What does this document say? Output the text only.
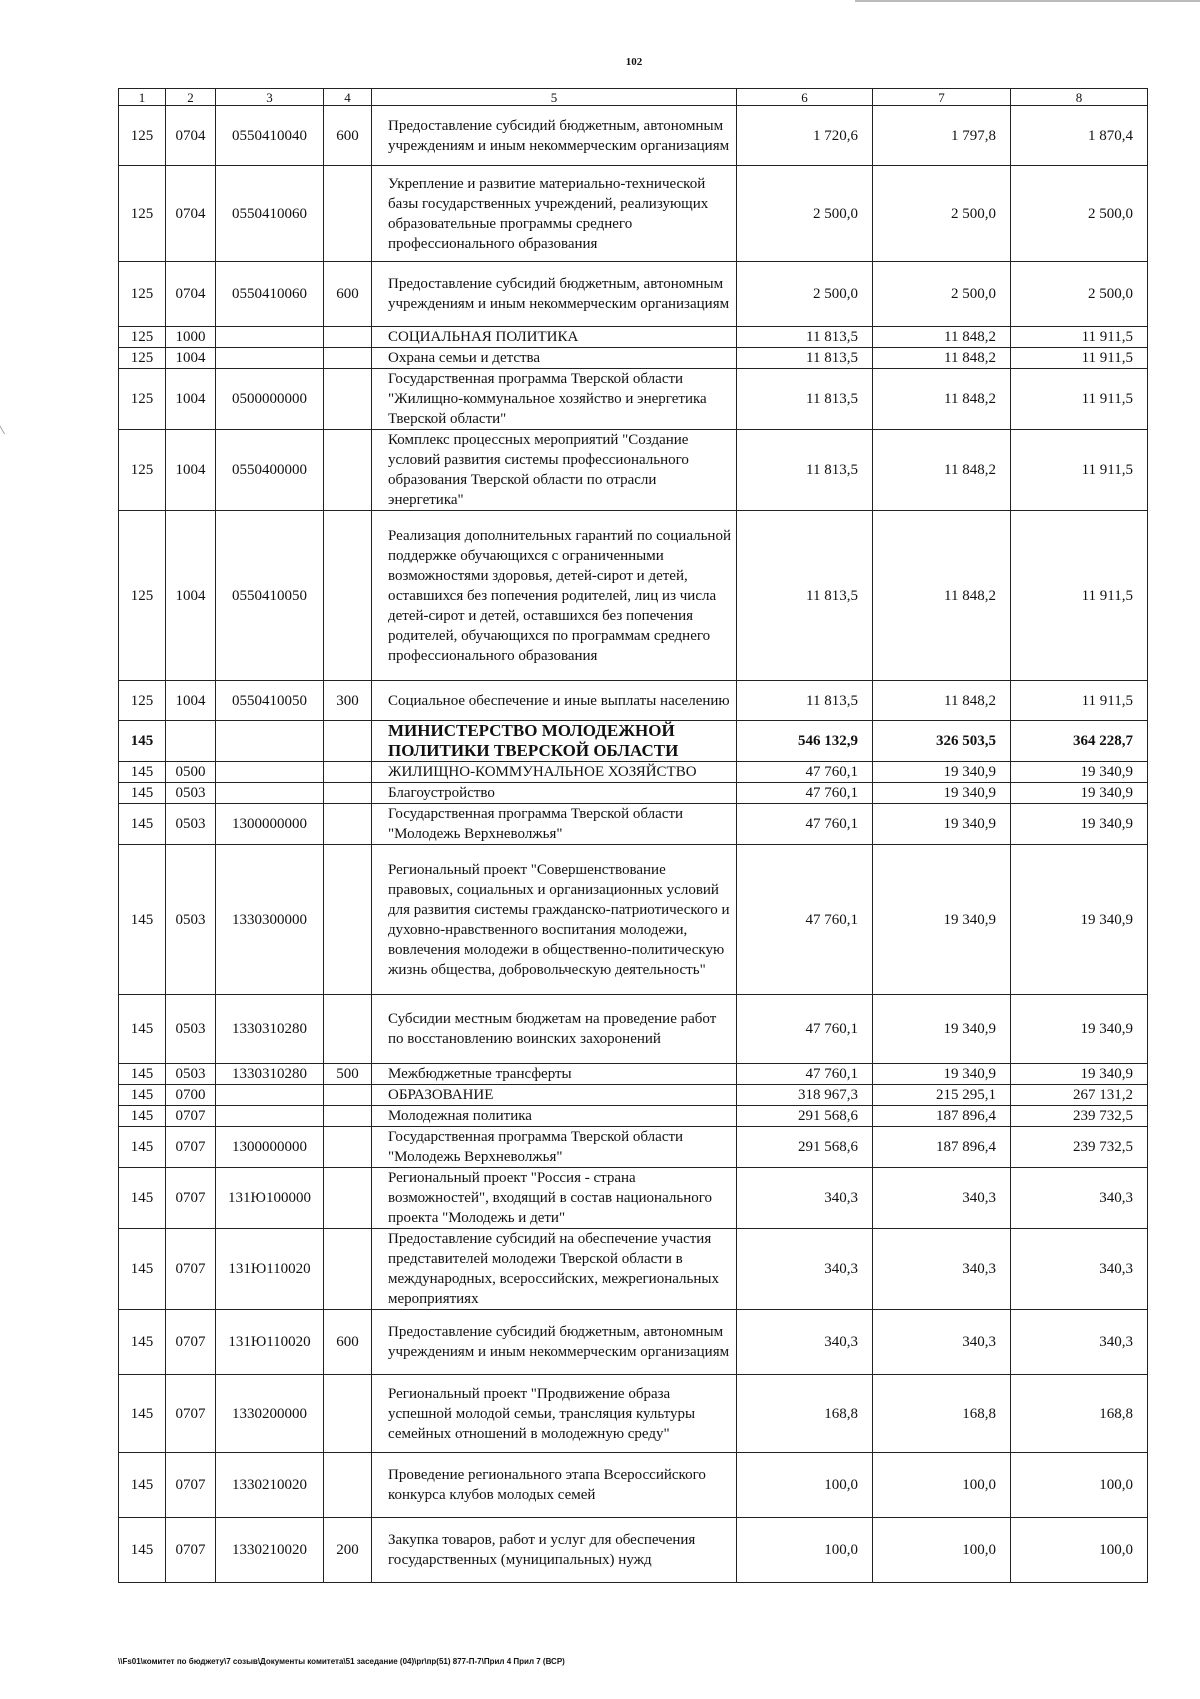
102
1	2	3	4	5	6	7	8
125	0704	0550410040	600	Предоставление субсидий бюджетным, автономным учреждениям и иным некоммерческим организациям	1 720,6	1 797,8	1 870,4
125	0704	0550410060		Укрепление и развитие материально-технической базы государственных учреждений, реализующих образовательные программы среднего профессионального образования	2 500,0	2 500,0	2 500,0
125	0704	0550410060	600	Предоставление субсидий бюджетным, автономным учреждениям и иным некоммерческим организациям	2 500,0	2 500,0	2 500,0
125	1000			СОЦИАЛЬНАЯ ПОЛИТИКА	11 813,5	11 848,2	11 911,5
125	1004			Охрана семьи и детства	11 813,5	11 848,2	11 911,5
125	1004	0500000000		Государственная программа Тверской области "Жилищно-коммунальное хозяйство и энергетика Тверской области"	11 813,5	11 848,2	11 911,5
125	1004	0550400000		Комплекс процессных мероприятий "Создание условий развития системы профессионального образования Тверской области по отрасли энергетика"	11 813,5	11 848,2	11 911,5
125	1004	0550410050		Реализация дополнительных гарантий по социальной поддержке обучающихся с ограниченными возможностями здоровья, детей-сирот и детей, оставшихся без попечения родителей, лиц из числа детей-сирот и детей, оставшихся без попечения родителей, обучающихся по программам среднего профессионального образования	11 813,5	11 848,2	11 911,5
125	1004	0550410050	300	Социальное обеспечение и иные выплаты населению	11 813,5	11 848,2	11 911,5
145				МИНИСТЕРСТВО МОЛОДЕЖНОЙ ПОЛИТИКИ ТВЕРСКОЙ ОБЛАСТИ	546 132,9	326 503,5	364 228,7
145	0500			ЖИЛИЩНО-КОММУНАЛЬНОЕ ХОЗЯЙСТВО	47 760,1	19 340,9	19 340,9
145	0503			Благоустройство	47 760,1	19 340,9	19 340,9
145	0503	1300000000		Государственная программа Тверской области "Молодежь Верхневолжья"	47 760,1	19 340,9	19 340,9
145	0503	1330300000		Региональный проект "Совершенствование правовых, социальных и организационных условий для развития системы гражданско-патриотического и духовно-нравственного воспитания молодежи, вовлечения молодежи в общественно-политическую жизнь общества, добровольческую деятельность"	47 760,1	19 340,9	19 340,9
145	0503	1330310280		Субсидии местным бюджетам на проведение работ по восстановлению воинских захоронений	47 760,1	19 340,9	19 340,9
145	0503	1330310280	500	Межбюджетные трансферты	47 760,1	19 340,9	19 340,9
145	0700			ОБРАЗОВАНИЕ	318 967,3	215 295,1	267 131,2
145	0707			Молодежная политика	291 568,6	187 896,4	239 732,5
145	0707	1300000000		Государственная программа Тверской области "Молодежь Верхневолжья"	291 568,6	187 896,4	239 732,5
145	0707	131Ю100000		Региональный проект "Россия - страна возможностей", входящий в состав национального проекта "Молодежь и дети"	340,3	340,3	340,3
145	0707	131Ю110020		Предоставление субсидий на обеспечение участия представителей молодежи Тверской области в международных, всероссийских, межрегиональных мероприятиях	340,3	340,3	340,3
145	0707	131Ю110020	600	Предоставление субсидий бюджетным, автономным учреждениям и иным некоммерческим организациям	340,3	340,3	340,3
145	0707	1330200000		Региональный проект "Продвижение образа успешной молодой семьи, трансляция культуры семейных отношений в молодежную среду"	168,8	168,8	168,8
145	0707	1330210020		Проведение регионального этапа Всероссийского конкурса клубов молодых семей	100,0	100,0	100,0
145	0707	1330210020	200	Закупка товаров, работ и услуг для обеспечения государственных (муниципальных) нужд	100,0	100,0	100,0
\\Fs01\комитет по бюджету\7 созыв\Документы комитета\51 заседание (04)\pr\пр(51) 877-П-7\Прил 4 Прил 7 (ВСР)
